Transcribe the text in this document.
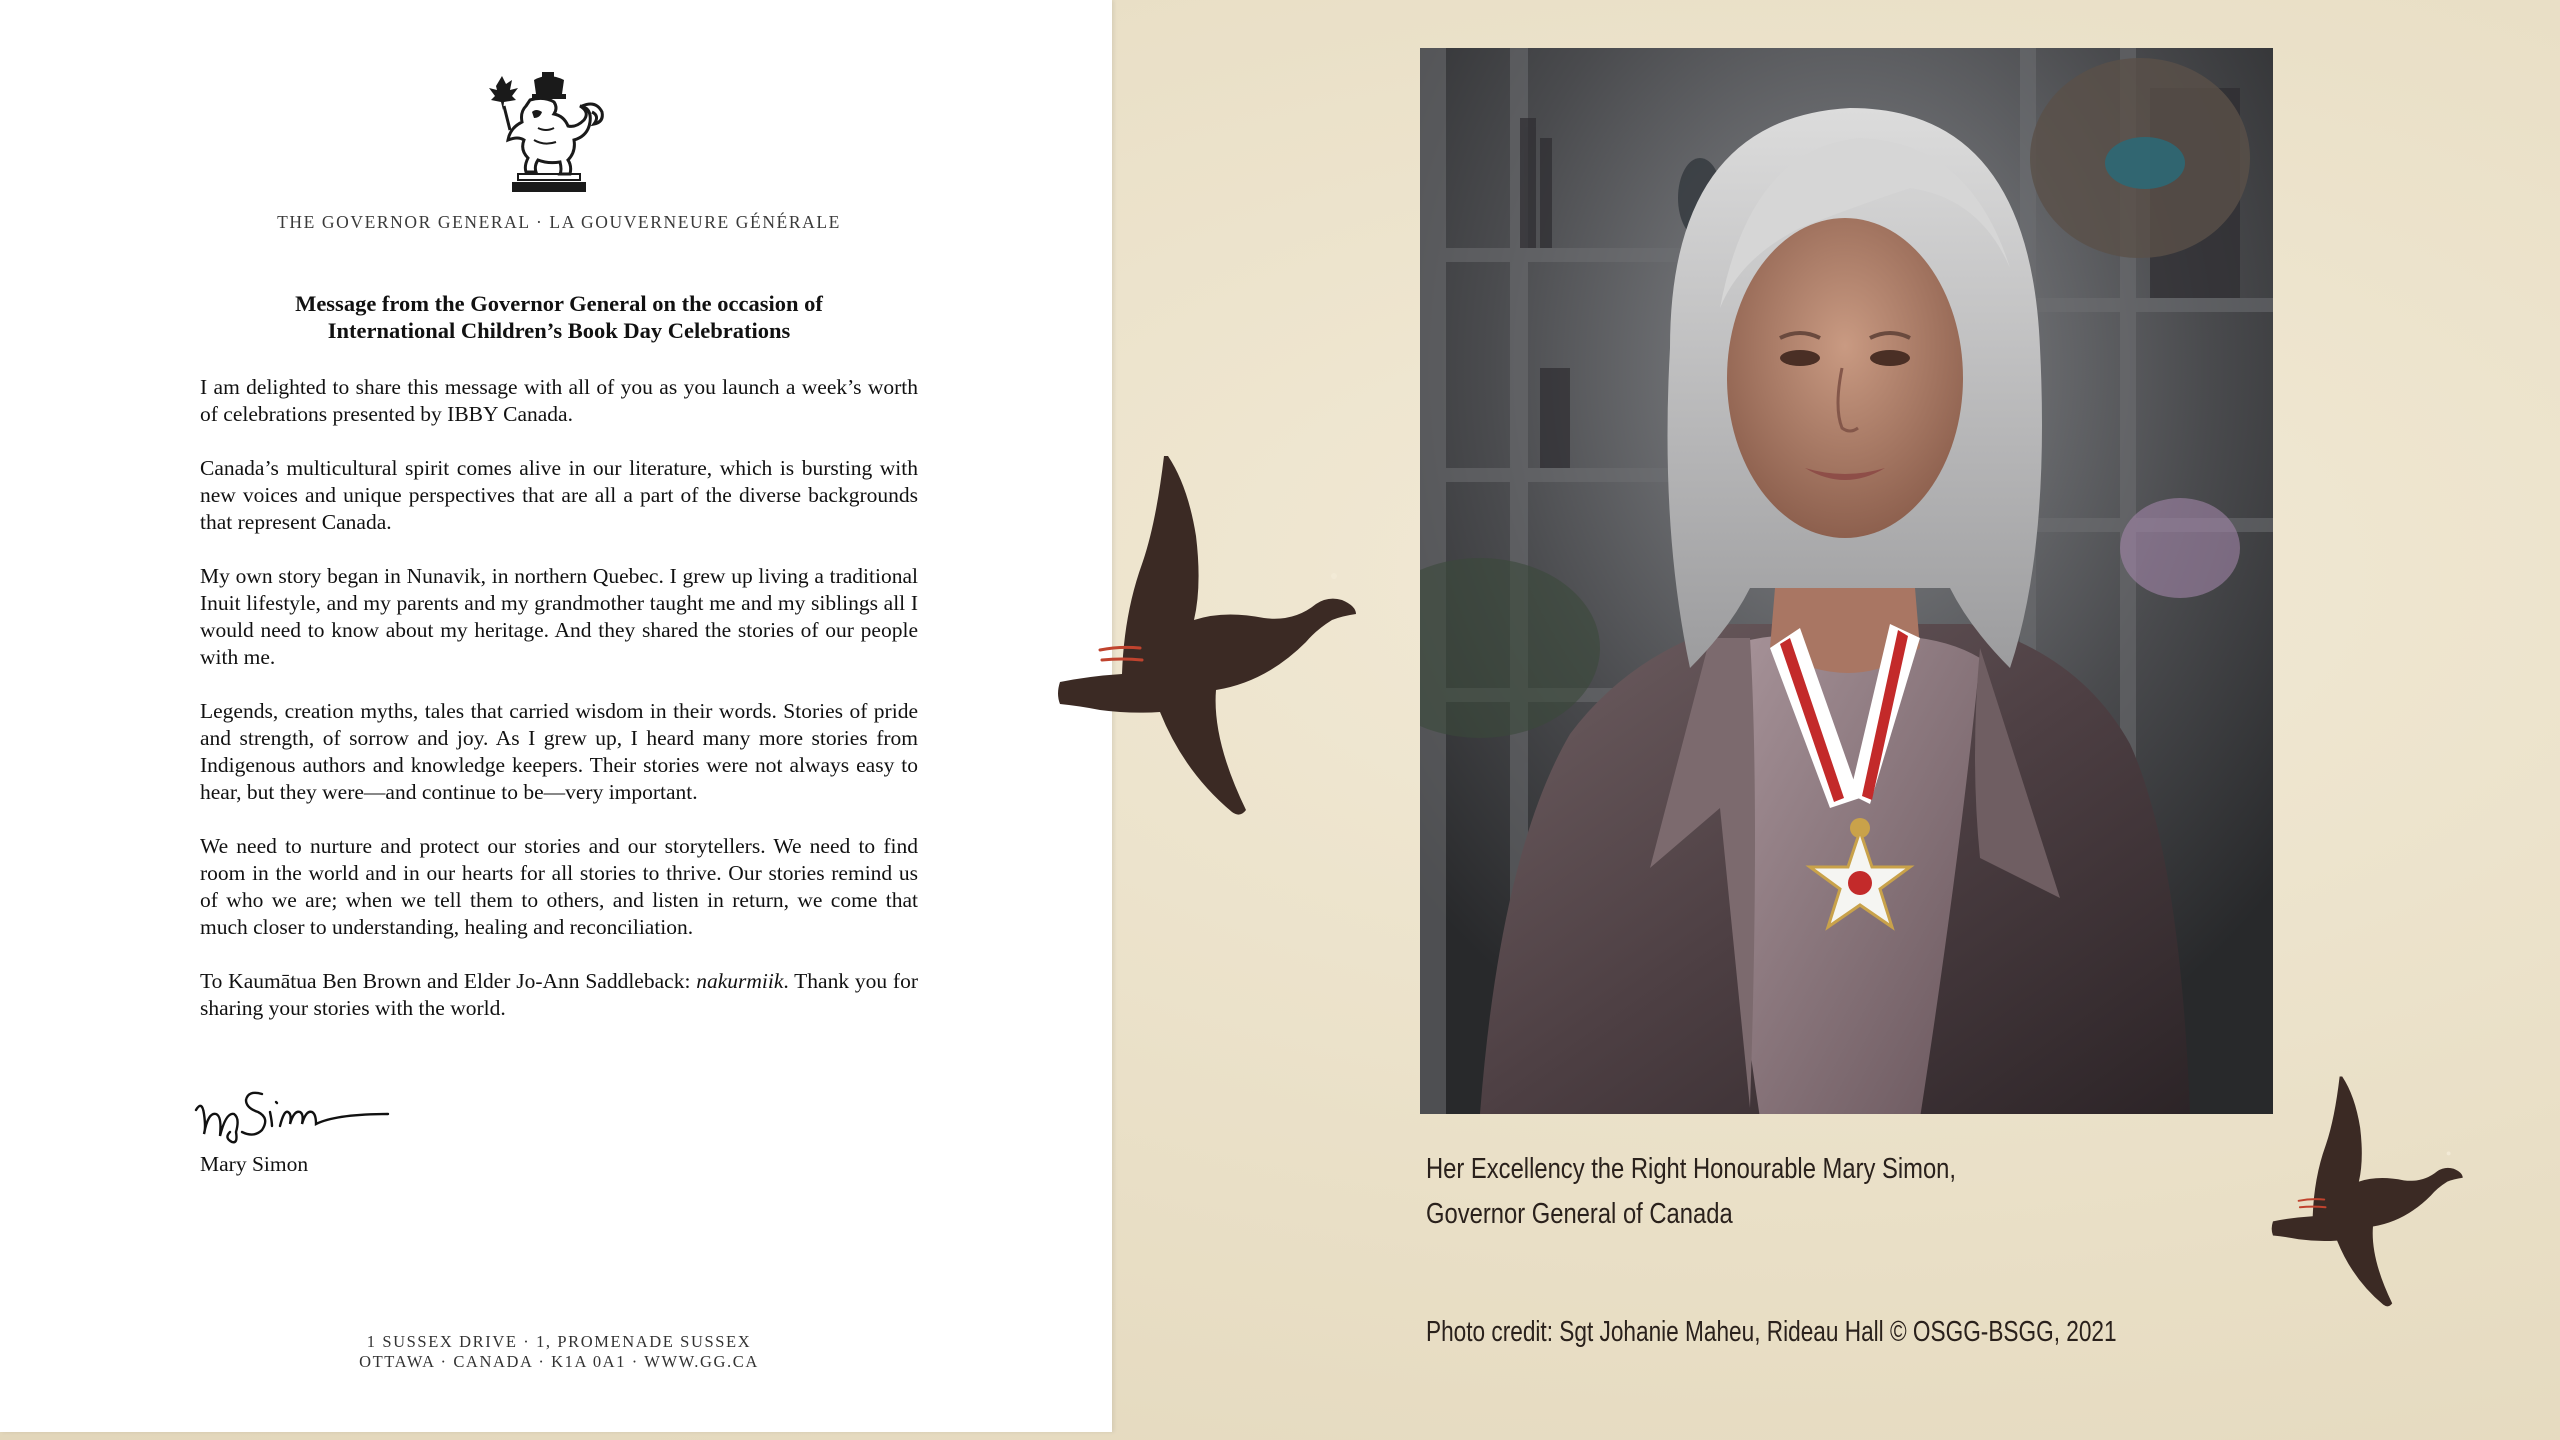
THE GOVERNOR GENERAL · LA GOUVERNEURE GÉNÉRALE
Message from the Governor General on the occasion of
International Children’s Book Day Celebrations

I am delighted to share this message with all of you as you launch a week’s worth of celebrations presented by IBBY Canada.

Canada’s multicultural spirit comes alive in our literature, which is bursting with new voices and unique perspectives that are all a part of the diverse backgrounds that represent Canada.

My own story began in Nunavik, in northern Quebec. I grew up living a traditional Inuit lifestyle, and my parents and my grandmother taught me and my siblings all I would need to know about my heritage. And they shared the stories of our people with me.

Legends, creation myths, tales that carried wisdom in their words. Stories of pride and strength, of sorrow and joy. As I grew up, I heard many more stories from Indigenous authors and knowledge keepers. Their stories were not always easy to hear, but they were—and continue to be—very important.

We need to nurture and protect our stories and our storytellers. We need to find room in the world and in our hearts for all stories to thrive. Our stories remind us of who we are; when we tell them to others, and listen in return, we come that much closer to understanding, healing and reconciliation.

To Kaumātua Ben Brown and Elder Jo-Ann Saddleback: nakurmiik. Thank you for sharing your stories with the world.

Mary Simon
1 SUSSEX DRIVE · 1, PROMENADE SUSSEX
OTTAWA · CANADA · K1A 0A1 · WWW.GG.CA
Her Excellency the Right Honourable Mary Simon,
Governor General of Canada
Photo credit: Sgt Johanie Maheu, Rideau Hall © OSGG-BSGG, 2021
